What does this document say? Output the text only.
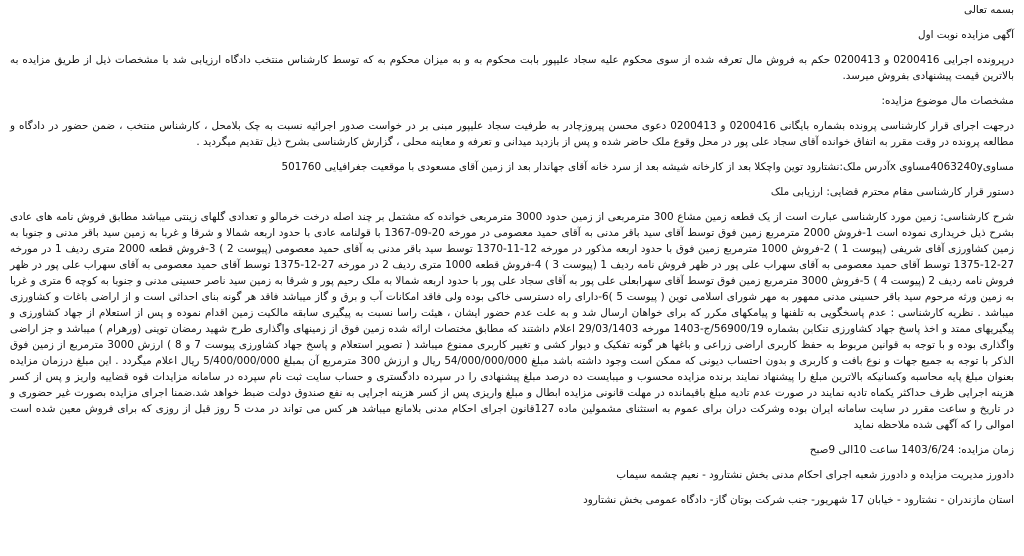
بسمه تعالی

آگهی مزایده نوبت اول

درپرونده اجرایی 0200416 و 0200413 حکم به فروش مال تعرفه شده از سوی محکوم علیه سجاد علیپور بابت محکوم به و به میزان محکوم به که توسط کارشناس منتخب دادگاه ارزیابی شد با مشخصات ذیل از طریق مزایده به بالاترین قیمت پیشنهادی بفروش میرسد.

مشخصات مال موضوع مزایده:

درجهت اجرای قرار کارشناسی پرونده بشماره بایگانی 0200416 و 0200413 دعوی محسن پیروزچادر به طرفیت سجاد علیپور مبنی بر در خواست صدور اجرائیه نسبت به چک بلامحل ، کارشناس منتخب ، ضمن حضور در دادگاه و مطالعه پرونده در وقت مقرر به اتفاق خوانده آقای سجاد علی پور در محل وقوع ملک حاضر شده و پس از بازدید میدانی و تعرفه و معاینه محلی ، گزارش کارشناسی بشرح ذیل تقدیم میگردید .

مساوی4063240yمساوی xآدرس ملک:نشتارود توین واچکلا بعد از کارخانه شیشه بعد از سرد خانه آقای جهاندار بعد از زمین آقای مسعودی با موقعیت جغرافیایی 501760

دستور قرار کارشناسی مقام محترم قضایی: ارزیابی ملک

شرح کارشناسی: زمین مورد کارشناسی عبارت است از یک قطعه زمین مشاع 300 مترمربعی از زمین حدود 3000 مترمربعی خوانده که مشتمل بر چند اصله درخت خرمالو و تعدادی گلهای زینتی میباشد مطابق فروش نامه های عادی بشرح ذیل خریداری نموده است 1-فروش 2000 مترمربع زمین فوق توسط آقای سید باقر مدنی به آقای حمید معصومی در مورخه 20-09-1367 با قولنامه عادی با حدود اربعه شمالا و شرقا و غربا به زمین سید باقر مدنی و جنوبا به زمین کشاورزی آقای شریفی (پیوست 1 ) 2-فروش 1000 مترمربع زمین فوق با حدود اربعه مذکور در مورخه 12-11-1370 توسط سید باقر مدنی به آقای حمید معصومی (پیوست 2 ) 3-فروش قطعه 2000 متری ردیف 1 در مورخه 27-12-1375 توسط آقای حمید معصومی به آقای سهراب علی پور در ظهر فروش نامه ردیف 1 (پیوست 3 ) 4-فروش قطعه 1000 متری ردیف 2 در مورخه 27-12-1375 توسط آقای حمید معصومی به آقای سهراب علی پور در ظهر فروش نامه ردیف 2 (پیوست 4 ) 5-فروش 3000 مترمربع زمین فوق توسط آقای سهرابعلی علی پور به آقای سجاد علی پور با حدود اربعه شمالا به ملک رحیم پور و شرقا به زمین سید ناصر حسینی مدنی و جنوبا به کوچه 6 متری و غربا به زمین ورثه مرحوم سید باقر حسینی مدنی ممهور به مهر شورای اسلامی توین ( پیوست 5 )6-دارای راه دسترسی خاکی بوده ولی فاقد امکانات آب و برق و گاز میباشد فاقد هر گونه بنای احداثی است و از اراضی باغات و کشاورزی میباشد . نظریه کارشناسی : عدم پاسخگویی به تلفنها و پیامکهای مکرر که برای خواهان ارسال شد و به علت عدم حضور ایشان ، هیئت راسا نسبت به پیگیری سابقه مالکیت زمین اقدام نموده و پس از استعلام از جهاد کشاورزی و پیگیریهای ممتد و اخذ پاسخ جهاد کشاورزی تنکابن بشماره 56900/19/ج-1403 مورخه 29/03/1403 اعلام داشتند که مطابق مختصات ارائه شده زمین فوق از زمینهای واگذاری طرح شهید رمضان توینی (ورهرام ) میباشد و جز اراضی واگذاری بوده و با توجه به قوانین مربوط به حفظ کاربری اراضی زراعی و باغها هر گونه تفکیک و دیوار کشی و تغییر کاربری ممنوع میباشد ( تصویر استعلام و پاسخ جهاد کشاورزی پیوست 7 و 8 ) ارزش 3000 مترمربع از زمین فوق الذکر با توجه به جمیع جهات و نوع بافت و کاربری و بدون احتساب دیونی که ممکن است وجود داشته باشد مبلغ 54/000/000/000 ریال و ارزش 300 مترمربع آن بمبلغ 5/400/000/000 ریال اعلام میگردد . این مبلغ درزمان مزایده بعنوان مبلغ پایه محاسبه وکسانیکه بالاترین مبلغ را پیشنهاد نمایند برنده مزایده محسوب و میبایست ده درصد مبلغ پیشنهادی را در سپرده دادگستری و حساب سایت ثبت نام سپرده در سامانه مزایدات قوه قضاییه واریز و پس از کسر هزینه اجرایی ظرف حداکثر یکماه تادیه نمایند در صورت عدم تادیه مبلغ باقیمانده در مهلت قانونی مزایده ابطال و مبلغ واریزی پس از کسر هزینه اجرایی به نفع صندوق دولت ضبط خواهد شد.ضمنا اجرای مزایده بصورت غیر حضوری و در تاریخ و ساعت مقرر در سایت سامانه ایران بوده وشرکت دران برای عموم به استثنای مشمولین ماده 127قانون اجرای احکام مدنی بلامانع میباشد هر کس می تواند در مدت 5 روز قبل از روزی که برای فروش معین شده است اموالی را که آگهی شده ملاحظه نماید

زمان مزایده: 1403/6/24 ساعت 10الی 9صبح

دادورز مدیریت مزایده و دادورز شعبه اجرای احکام مدنی بخش نشتارود - نعیم چشمه سیماب

استان مازندران - نشتارود - خیابان 17 شهریور- جنب شرکت بوتان گاز- دادگاه عمومی بخش نشتارود
